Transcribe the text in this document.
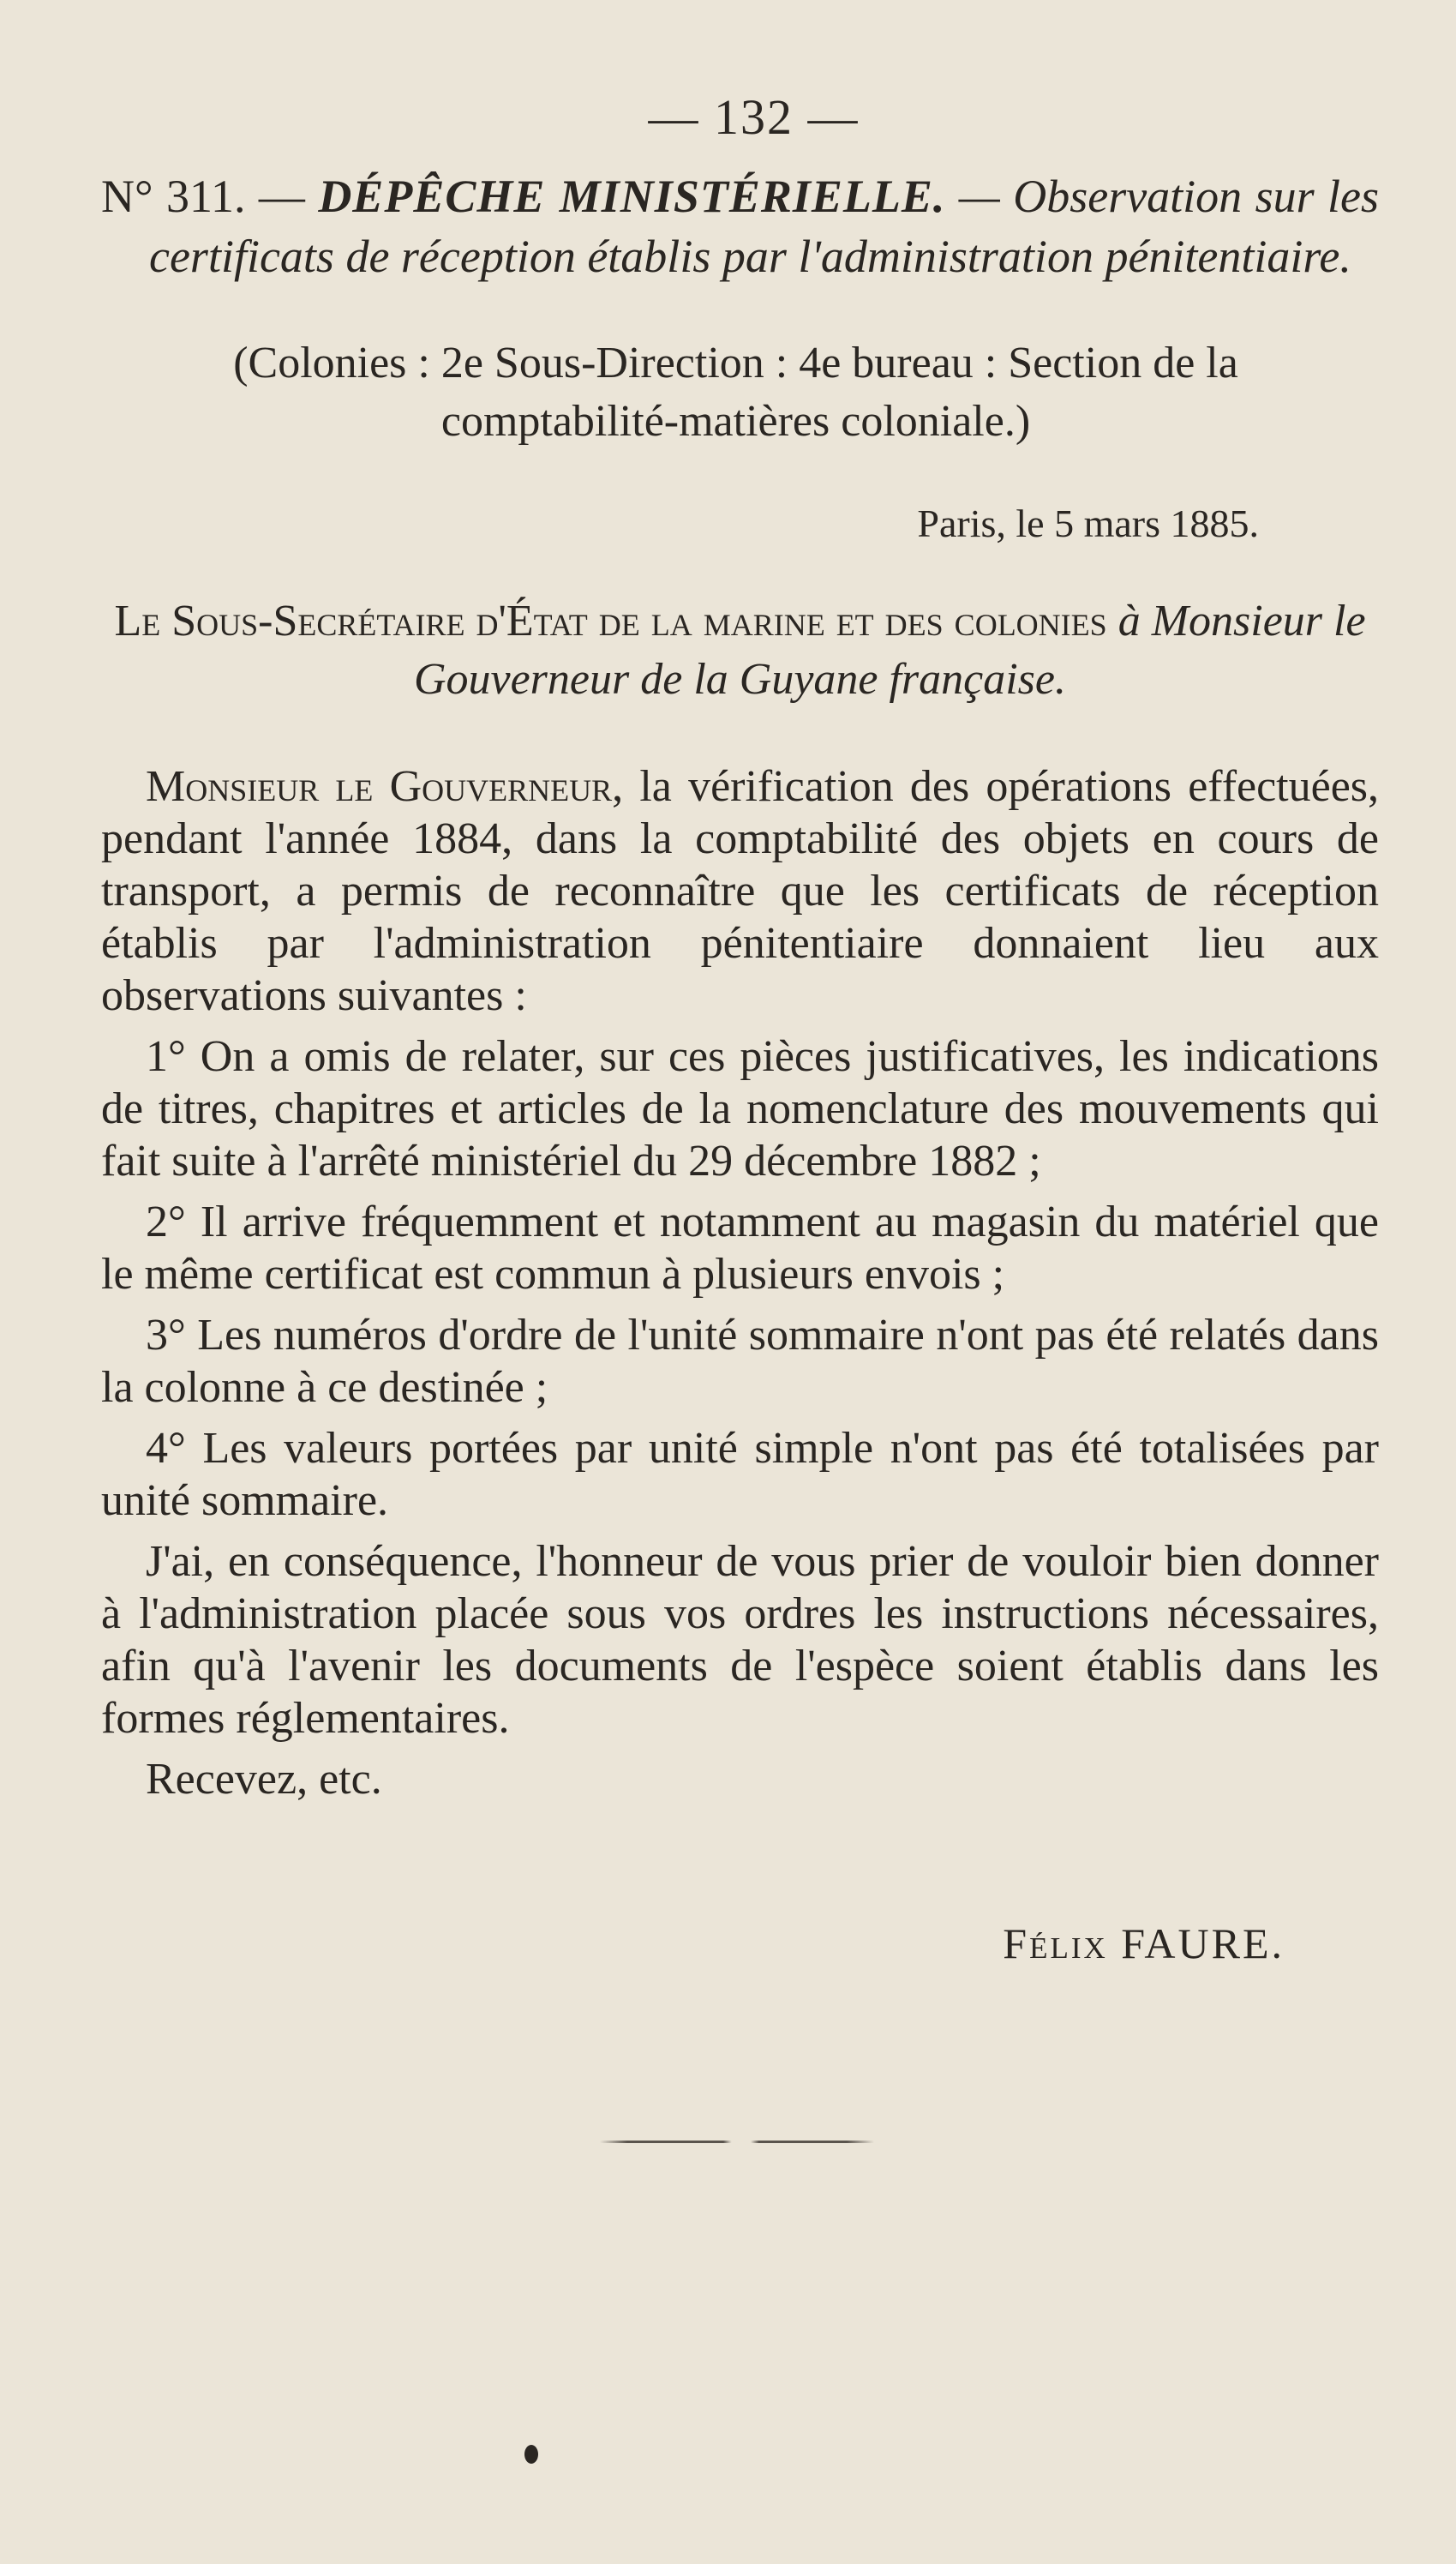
— 132 —
N° 311. — DÉPÊCHE MINISTÉRIELLE. — Observation sur les certificats de réception établis par l'administration pénitentiaire.
(Colonies : 2e Sous-Direction : 4e bureau : Section de la comptabilité-matières coloniale.)
Paris, le 5 mars 1885.
Le Sous-Secrétaire d'État de la marine et des colonies à Monsieur le Gouverneur de la Guyane française.

Monsieur le Gouverneur, la vérification des opérations effectuées, pendant l'année 1884, dans la comptabilité des objets en cours de transport, a permis de reconnaître que les certificats de réception établis par l'administration pénitentiaire donnaient lieu aux observations suivantes :

1° On a omis de relater, sur ces pièces justificatives, les indications de titres, chapitres et articles de la nomenclature des mouvements qui fait suite à l'arrêté ministériel du 29 décembre 1882 ;

2° Il arrive fréquemment et notamment au magasin du matériel que le même certificat est commun à plusieurs envois ;

3° Les numéros d'ordre de l'unité sommaire n'ont pas été relatés dans la colonne à ce destinée ;

4° Les valeurs portées par unité simple n'ont pas été totalisées par unité sommaire.

J'ai, en conséquence, l'honneur de vous prier de vouloir bien donner à l'administration placée sous vos ordres les instructions nécessaires, afin qu'à l'avenir les documents de l'espèce soient établis dans les formes réglementaires.

Recevez, etc.

Félix FAURE.
